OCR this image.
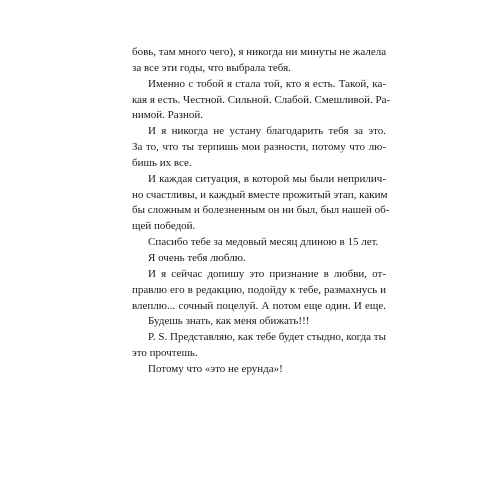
бовь, там много чего), я никогда ни минуты не жалела
за все эти годы, что выбрала тебя.
Именно с тобой я стала той, кто я есть. Такой, ка-
кая я есть. Честной. Сильной. Слабой. Смешливой. Ра-
нимой. Разной.
И я никогда не устану благодарить тебя за это.
За то, что ты терпишь мои разности, потому что лю-
бишь их все.
И каждая ситуация, в которой мы были неприлич-
но счастливы, и каждый вместе прожитый этап, каким
бы сложным и болезненным он ни был, был нашей об-
щей победой.
Спасибо тебе за медовый месяц длиною в 15 лет.
Я очень тебя люблю.
И я сейчас допишу это признание в любви, от-
правлю его в редакцию, подойду к тебе, размахнусь и
влеплю... сочный поцелуй. А потом еще один. И еще.
Будешь знать, как меня обижать!!!
P. S. Представляю, как тебе будет стыдно, когда ты
это прочтешь.
Потому что «это не ерунда»!
